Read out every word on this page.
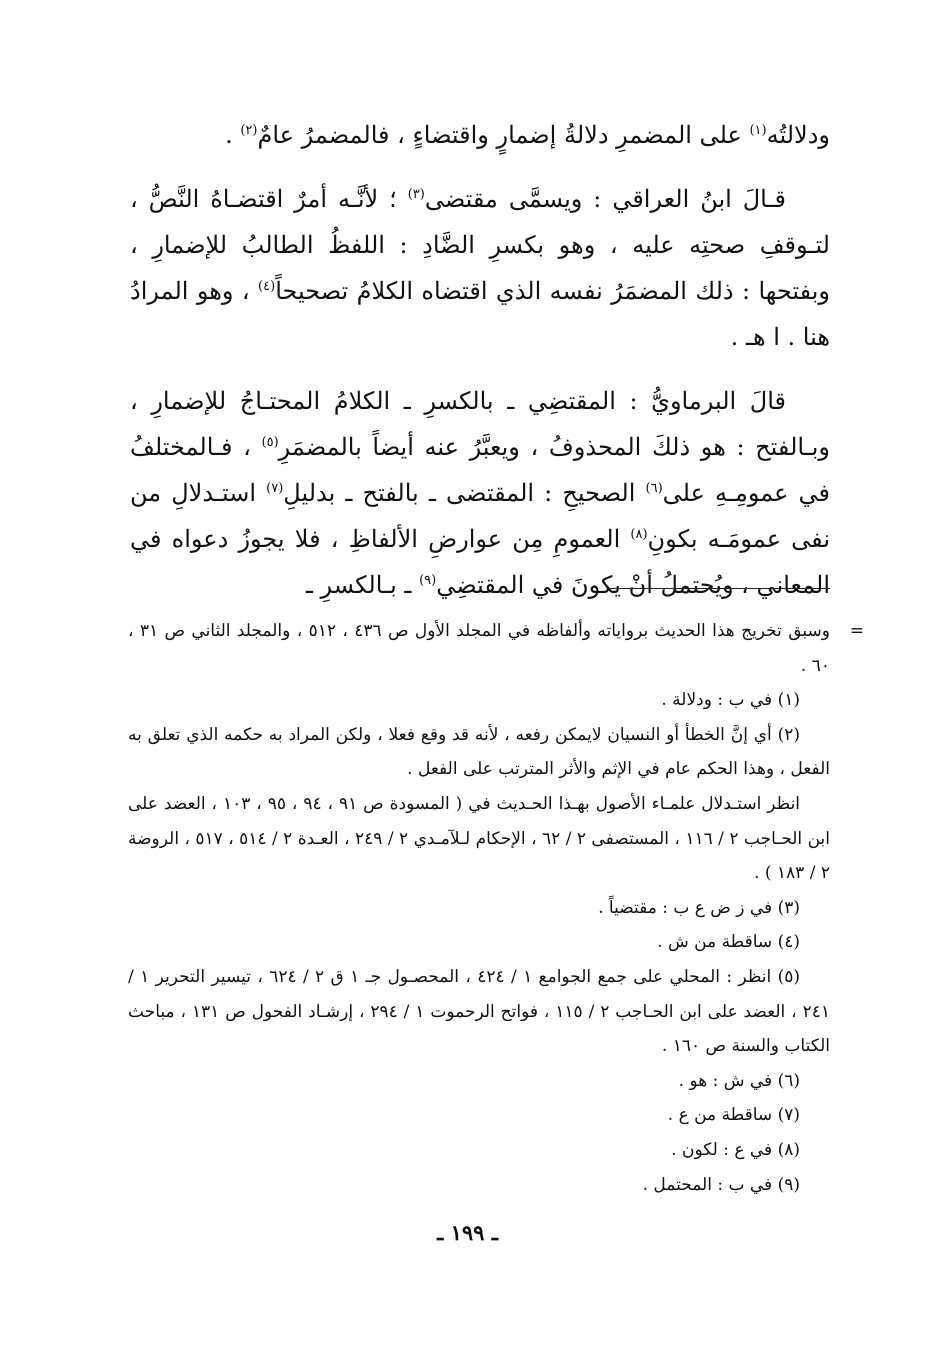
ودلالتُه$^{(١)}$ على المضمرِ دلالةُ إضمارٍ واقتضاءٍ ، فالمضمرُ عامٌ$^{(٢)}$ .

قـالَ ابنُ العراقي : ويسمَّى مقتضى$^{(٣)}$ ؛ لأنَّـه أمرٌ اقتضـاهُ النَّصُّ ، لتـوقفِ صحتِه عليه ، وهو بكسرِ الضَّادِ : اللفظُ الطالبُ للإضمارِ ، وبفتحها : ذلك المضمَرُ نفسه الذي اقتضاه الكلامُ تصحيحاً$^{(٤)}$ ، وهو المرادُ هنا . ا هـ .

قالَ البرماويُّ : المقتضِي ـ بالكسرِ ـ الكلامُ المحتـاجُ للإضمارِ ، وبـالفتح : هو ذلكَ المحذوفُ ، ويعبَّرُ عنه أيضاً بالمضمَرِ$^{(٥)}$ ، فـالمختلفُ في عمومِـهِ على$^{(٦)}$ الصحيحِ : المقتضى ـ بالفتح ـ بدليلِ$^{(٧)}$ استـدلالِ من نفى عمومَـه بكونِ$^{(٨)}$ العمومِ مِن عوارضِ الألفاظِ ، فلا يجوزُ دعواه في المعاني ، ويُحتملُ أنْ يكونَ في المقتضِي$^{(٩)}$ ـ بـالكسرِ ـ

=
وسبق تخريج هذا الحديث برواياته وألفاظه في المجلد الأول ص ٤٣٦ ، ٥١٢ ، والمجلد الثاني ص ٣١ ، ٦٠ .

(١) في ب : ودلالة .

(٢) أي إنَّ الخطأ أو النسيان لايمكن رفعه ، لأنه قد وقع فعلا ، ولكن المراد به حكمه الذي تعلق به الفعل ، وهذا الحكم عام في الإثم والأثر المترتب على الفعل .

انظر استـدلال علمـاء الأصول بهـذا الحـديث في ( المسودة ص ٩١ ، ٩٤ ، ٩٥ ، ١٠٣ ، العضد على ابن الحـاجب ٢ / ١١٦ ، المستصفى ٢ / ٦٢ ، الإحكام لـلآمـدي ٢ / ٢٤٩ ، العـدة ٢ / ٥١٤ ، ٥١٧ ، الروضة ٢ / ١٨٣ ) .

(٣) في ز ض ع ب : مقتضياً .

(٤) ساقطة من ش .

(٥) انظر : المحلي على جمع الجوامع ١ / ٤٢٤ ، المحصـول جـ ١ ق ٢ / ٦٢٤ ، تيسير التحرير ١ / ٢٤١ ، العضد على ابن الحـاجب ٢ / ١١٥ ، فواتح الرحموت ١ / ٢٩٤ ، إرشـاد الفحول ص ١٣١ ، مباحث الكتاب والسنة ص ١٦٠ .

(٦) في ش : هو .

(٧) ساقطة من ع .

(٨) في ع : لكون .

(٩) في ب : المحتمل .

ـ ١٩٩ ـ
